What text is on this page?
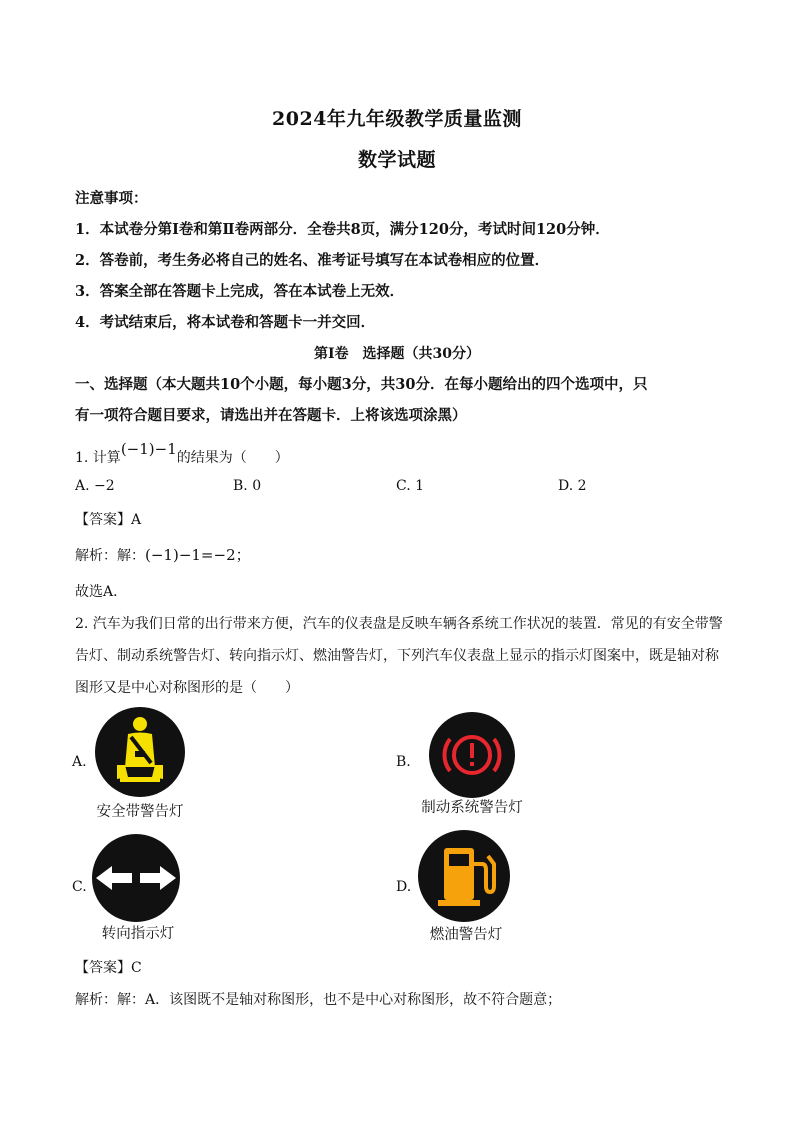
2024年九年级教学质量监测
数学试题
注意事项：
1．本试卷分第Ⅰ卷和第Ⅱ卷两部分．全卷共8页，满分120分，考试时间120分钟．
2．答卷前，考生务必将自己的姓名、准考证号填写在本试卷相应的位置．
3．答案全部在答题卡上完成，答在本试卷上无效．
4．考试结束后，将本试卷和答题卡一并交回．
第Ⅰ卷　选择题（共30分）
一、选择题（本大题共10个小题，每小题3分，共30分．在每小题给出的四个选项中，只
有一项符合题目要求，请选出并在答题卡．上将该选项涂黑）
1. 计算(−1)−1的结果为（　　）
A. −2	B. 0	C. 1	D. 2
【答案】A
解析：解：(−1)−1=−2；
故选A．
2. 汽车为我们日常的出行带来方便，汽车的仪表盘是反映车辆各系统工作状况的装置．常见的有安全带警
告灯、制动系统警告灯、转向指示灯、燃油警告灯，下列汽车仪表盘上显示的指示灯图案中，既是轴对称
图形又是中心对称图形的是（　　）
A.
安全带警告灯
B.
制动系统警告灯
C.
转向指示灯
D.
燃油警告灯
【答案】C
解析：解：A．该图既不是轴对称图形，也不是中心对称图形，故不符合题意；
